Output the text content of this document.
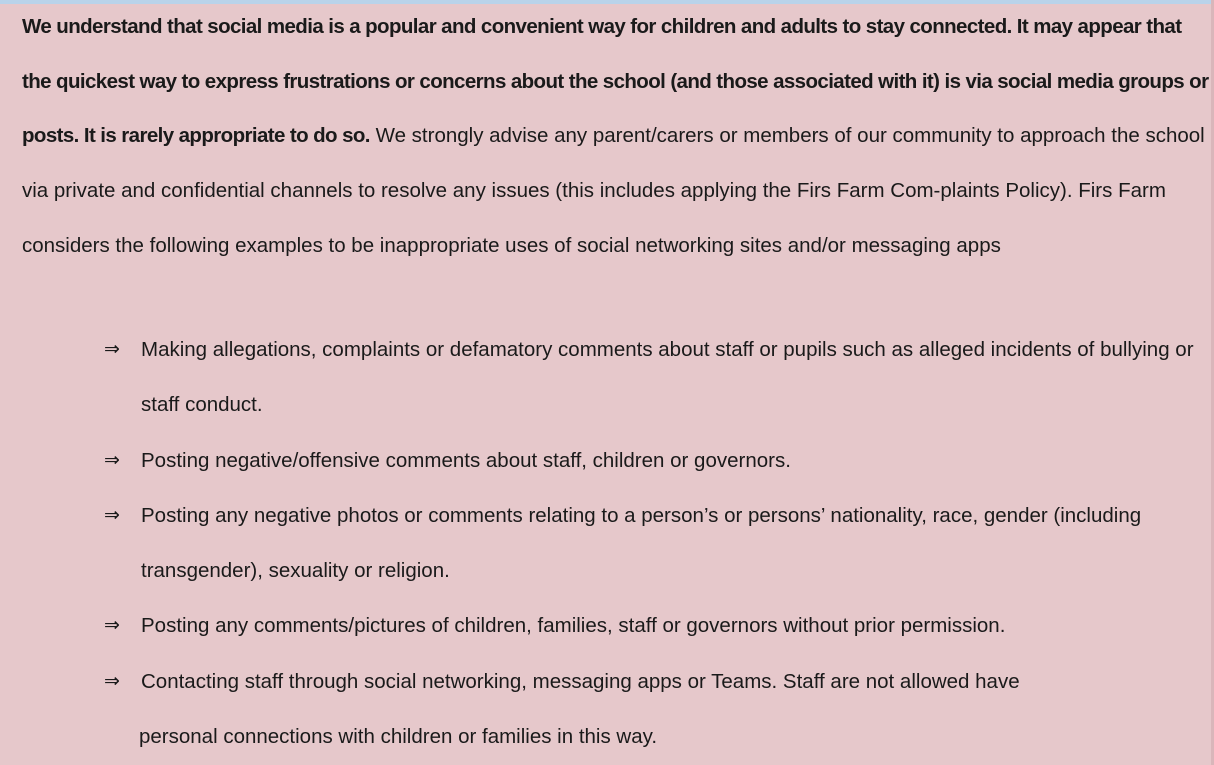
We understand that social media is a popular and convenient way for children and adults to stay connected. It may appear that the quickest way to express frustrations or concerns about the school (and those associated with it) is via social media groups or posts. It is rarely appropriate to do so. We strongly advise any parent/carers or members of our community to approach the school via private and confidential channels to resolve any issues (this includes applying the Firs Farm Com-plaints Policy). Firs Farm considers the following examples to be inappropriate uses of social networking sites and/or messaging apps

⇒	Making allegations, complaints or defamatory comments about staff or pupils such as alleged incidents of bullying or staff conduct.
⇒	Posting negative/offensive comments about staff, children or governors.
⇒	Posting any negative photos or comments relating to a person’s or persons’ nationality, race, gender (including transgender), sexuality or religion.
⇒	Posting any comments/pictures of children, families, staff or governors without prior permission.
⇒	Contacting staff through social networking, messaging apps or Teams. Staff are not allowed have
personal connections with children or families in this way.
